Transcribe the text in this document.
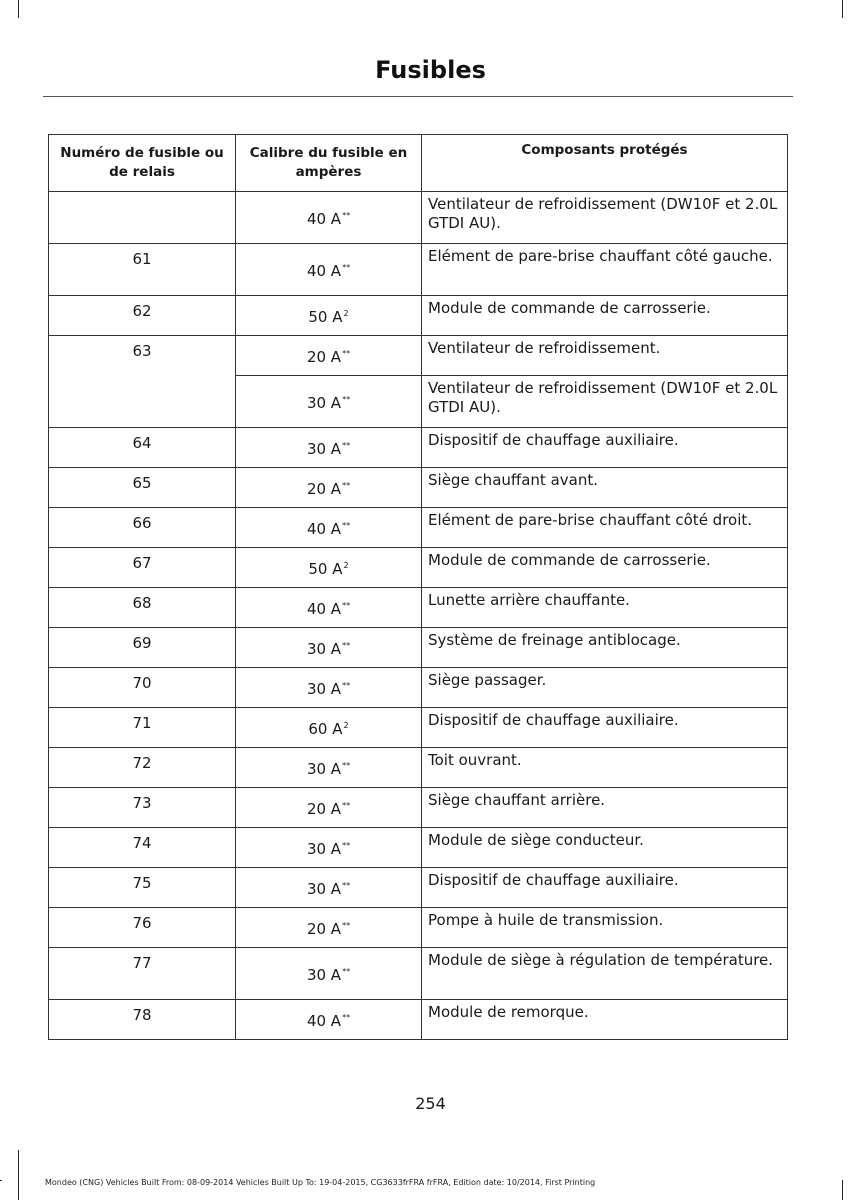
Fusibles
Numéro de fusible ou de relais	Calibre du fusible en ampères	Composants protégés
	40 A**	Ventilateur de refroidissement (DW10F et 2.0L GTDI AU).
61	40 A**	Elément de pare-brise chauffant côté gauche.
62	50 $A^2$	Module de commande de carrosserie.
63	20 A**	Ventilateur de refroidissement.
	30 A**	Ventilateur de refroidissement (DW10F et 2.0L GTDI AU).
64	30 A**	Dispositif de chauffage auxiliaire.
65	20 A**	Siège chauffant avant.
66	40 A**	Elément de pare-brise chauffant côté droit.
67	50 $A^2$	Module de commande de carrosserie.
68	40 A**	Lunette arrière chauffante.
69	30 A**	Système de freinage antiblocage.
70	30 A**	Siège passager.
71	60 $A^2$	Dispositif de chauffage auxiliaire.
72	30 A**	Toit ouvrant.
73	20 A**	Siège chauffant arrière.
74	30 A**	Module de siège conducteur.
75	30 A**	Dispositif de chauffage auxiliaire.
76	20 A**	Pompe à huile de transmission.
77	30 A**	Module de siège à régulation de température.
78	40 A**	Module de remorque.
254
Mondeo (CNG) Vehicles Built From: 08-09-2014 Vehicles Built Up To: 19-04-2015, CG3633frFRA frFRA, Edition date: 10/2014, First Printing
